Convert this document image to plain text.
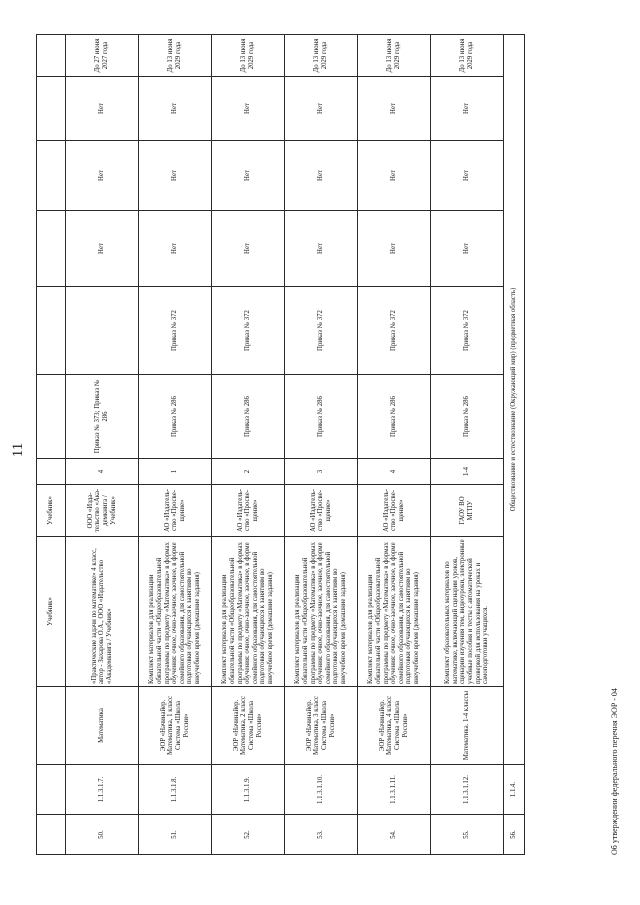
11
			Учебник»	Учебник»							
50.	1.1.3.1.7.	Математика	«Практические задачи по математике» 4 класс, автор - Захарова О.А., ООО «Издательство «Академкнига / Учебник»	ООО «Издательство «Академкнига / Учебник»	4	Приказ № 373; Приказ № 286		Нет	Нет	Нет	До 27 июня 2027 года
51.	1.1.3.1.8.	ЭОР «Начинайер. Математика, 1 класс Система «Школа России»	Комплект материалов для реализации обязательной части «Общеобразовательной программы по предмету «Математика» в формах обучения: очное, очно-заочное, заочное, в форме семейного образования, для самостоятельной подготовки обучающихся к занятиям во внеучебное время (домашние задания)	АО «Издательство «Просвещение»	1	Приказ № 286	Приказ № 372	Нет	Нет	Нет	До 13 июня 2029 года
52.	1.1.3.1.9.	ЭОР «Начинайер. Математика, 2 класс Система «Школа России»	Комплект материалов для реализации обязательной части «Общеобразовательной программы по предмету «Математика» в формах обучения: очное, очно-заочное, заочное, в форме семейного образования, для самостоятельной подготовки обучающихся к занятиям во внеучебное время (домашние задания)	АО «Издательство «Просвещение»	2	Приказ № 286	Приказ № 372	Нет	Нет	Нет	До 13 июня 2029 года
53.	1.1.3.1.10.	ЭОР «Начинайер. Математика, 3 класс Система «Школа России»	Комплект материалов для реализации обязательной части «Общеобразовательной программы по предмету «Математика» в формах обучения: очное, очно-заочное, заочное, в форме семейного образования, для самостоятельной подготовки обучающихся к занятиям во внеучебное время (домашние задания)	АО «Издательство «Просвещение»	3	Приказ № 286	Приказ № 372	Нет	Нет	Нет	До 13 июня 2029 года
54.	1.1.3.1.11.	ЭОР «Начинайер. Математика, 4 класс Система «Школа России»	Комплект материалов для реализации обязательной части «Общеобразовательной программы по предмету «Математика» в формах обучения: очное, очно-заочное, заочное, в форме семейного образования, для самостоятельной подготовки обучающихся к занятиям во внеучебное время (домашние задания)	АО «Издательство «Просвещение»	4	Приказ № 286	Приказ № 372	Нет	Нет	Нет	До 13 июня 2029 года
55.	1.1.3.1.12.	Математика. 1-4 классы	Комплект образовательных материалов по математике, включающий сценарии уроков, сценарии изучения тем, видеоуроки, электронные учебные пособия и тесты с автоматической проверкой для использования на уроках и самоподготовки учащихся.	ГАОУ ВО МГПУ	1-4	Приказ № 286	Приказ № 372	Нет	Нет	Нет	До 13 июня 2029 года
56.	1.1.4.	Обществознание и естествознание (Окружающий мир) (предметная область)									
Об утверждении федерального перечня ЭОР - 04
